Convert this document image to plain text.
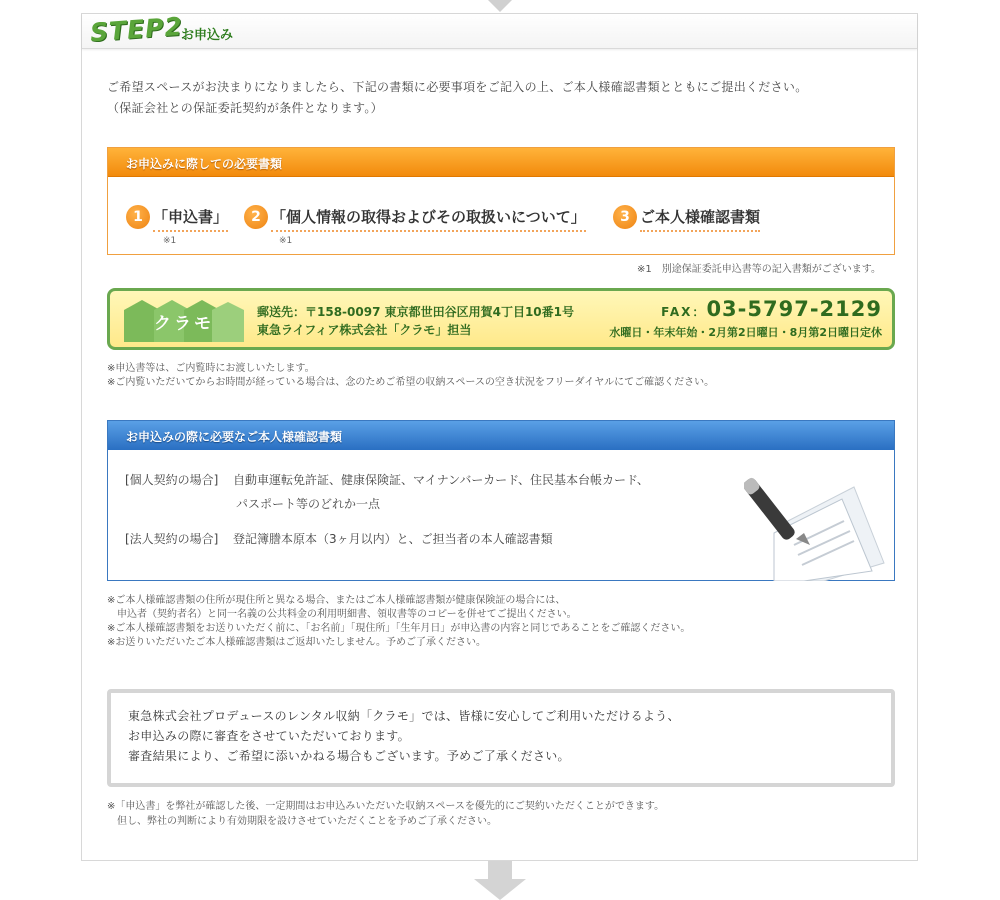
STEP2
お申込み
ご希望スペースがお決まりになりましたら、下記の書類に必要事項をご記入の上、ご本人様確認書類とともにご提出ください。
（保証会社との保証委託契約が条件となります。）
お申込みに際しての必要書類
1 「申込書」
※1
2 「個人情報の取得およびその取扱いについて」
※1
3 ご本人様確認書類
※1　別途保証委託申込書等の記入書類がございます。
クラモ
郵送先：〒158-0097 東京都世田谷区用賀4丁目10番1号
東急ライフィア株式会社「クラモ」担当
FAX：03-5797-2129
水曜日・年末年始・2月第2日曜日・8月第2日曜日定休
※申込書等は、ご内覧時にお渡しいたします。
※ご内覧いただいてからお時間が経っている場合は、念のためご希望の収納スペースの空き状況をフリーダイヤルにてご確認ください。
お申込みの際に必要なご本人様確認書類
[個人契約の場合] 自動車運転免許証、健康保険証、マイナンバーカード、住民基本台帳カード、
パスポート等のどれか一点
[法人契約の場合] 登記簿謄本原本（3ヶ月以内）と、ご担当者の本人確認書類
※ご本人様確認書類の住所が現住所と異なる場合、またはご本人様確認書類が健康保険証の場合には、
　申込者（契約者名）と同一名義の公共料金の利用明細書、領収書等のコピーを併せてご提出ください。
※ご本人様確認書類をお送りいただく前に、「お名前」「現住所」「生年月日」が申込書の内容と同じであることをご確認ください。
※お送りいただいたご本人様確認書類はご返却いたしません。予めご了承ください。
東急株式会社プロデュースのレンタル収納「クラモ」では、皆様に安心してご利用いただけるよう、
お申込みの際に審査をさせていただいております。
審査結果により、ご希望に添いかねる場合もございます。予めご了承ください。
※「申込書」を弊社が確認した後、一定期間はお申込みいただいた収納スペースを優先的にご契約いただくことができます。
　但し、弊社の判断により有効期限を設けさせていただくことを予めご了承ください。
